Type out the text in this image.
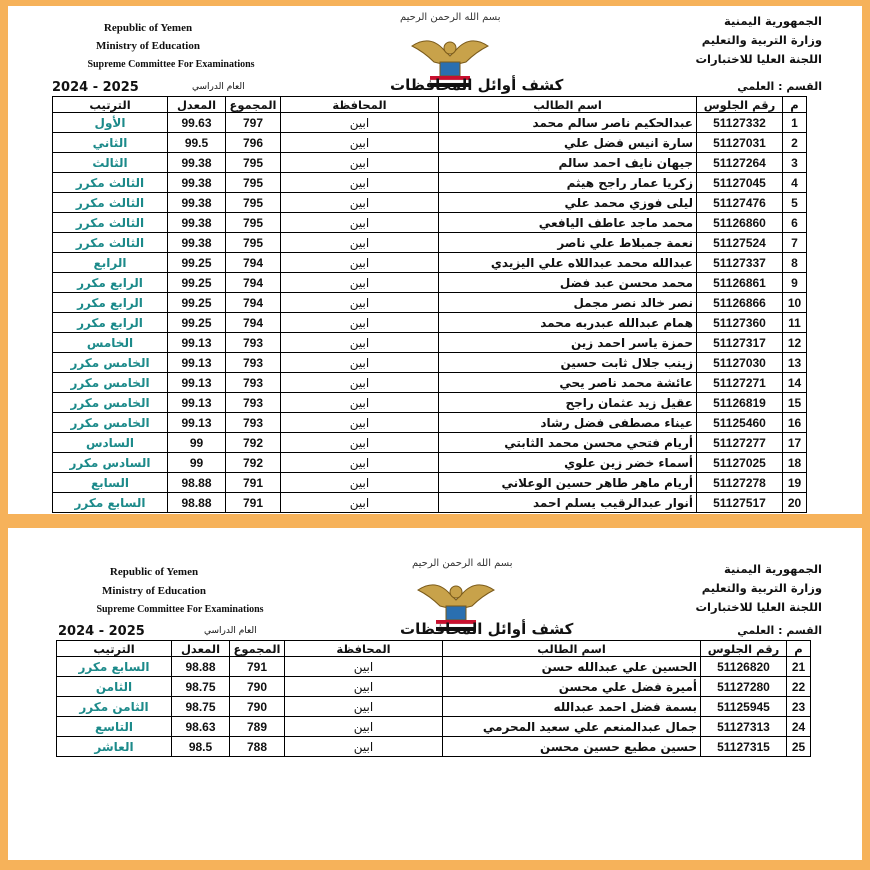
Republic of Yemen
Ministry of Education
Supreme Committee For Examinations
بسم الله الرحمن الرحيم	الجمهورية اليمنية
وزارة التربية والتعليم
اللجنة العليا للاختبارات
2024 - 2025	العام الدراسي	كشف أوائل المحافظات	القسم : العلمي
م	رقم الجلوس	اسم الطالب	المحافظة	المجموع	المعدل	الترتيب
1	51127332	عبدالحكيم ناصر سالم محمد	ابين	797	99.63	الأول
2	51127031	سارة انيس فضل علي	ابين	796	99.5	الثاني
3	51127264	جيهان نايف احمد سالم	ابين	795	99.38	الثالث
4	51127045	زكريا عمار راجح هيثم	ابين	795	99.38	الثالث مكرر
5	51127476	ليلى فوزي محمد علي	ابين	795	99.38	الثالث مكرر
6	51126860	محمد ماجد عاطف اليافعي	ابين	795	99.38	الثالث مكرر
7	51127524	نعمة جمبلاط علي ناصر	ابين	795	99.38	الثالث مكرر
8	51127337	عبدالله محمد عبداللاه علي اليزيدي	ابين	794	99.25	الرابع
9	51126861	محمد محسن عبد فضل	ابين	794	99.25	الرابع مكرر
10	51126866	نصر خالد نصر مجمل	ابين	794	99.25	الرابع مكرر
11	51127360	همام عبدالله عبدربه محمد	ابين	794	99.25	الرابع مكرر
12	51127317	حمزة ياسر احمد زين	ابين	793	99.13	الخامس
13	51127030	زينب جلال ثابت حسين	ابين	793	99.13	الخامس مكرر
14	51127271	عائشة محمد ناصر يحي	ابين	793	99.13	الخامس مكرر
15	51126819	عقيل زيد عثمان راجح	ابين	793	99.13	الخامس مكرر
16	51125460	عيناء مصطفى فضل رشاد	ابين	793	99.13	الخامس مكرر
17	51127277	أريام فتحي محسن محمد الثابتي	ابين	792	99	السادس
18	51127025	أسماء خضر زين علوي	ابين	792	99	السادس مكرر
19	51127278	أريام ماهر طاهر حسين الوعلاني	ابين	791	98.88	السابع
20	51127517	أنوار عبدالرقيب يسلم احمد	ابين	791	98.88	السابع مكرر
Republic of Yemen
Ministry of Education
Supreme Committee For Examinations
بسم الله الرحمن الرحيم	الجمهورية اليمنية
وزارة التربية والتعليم
اللجنة العليا للاختبارات
2024 - 2025	العام الدراسي	كشف أوائل المحافظات	القسم : العلمي
م	رقم الجلوس	اسم الطالب	المحافظة	المجموع	المعدل	الترتيب
21	51126820	الحسين علي عبدالله حسن	ابين	791	98.88	السابع مكرر
22	51127280	أميرة فضل علي محسن	ابين	790	98.75	الثامن
23	51125945	بسمة فضل احمد عبدالله	ابين	790	98.75	الثامن مكرر
24	51127313	جمال عبدالمنعم علي سعيد المحرمي	ابين	789	98.63	التاسع
25	51127315	حسين مطيع حسين محسن	ابين	788	98.5	العاشر
